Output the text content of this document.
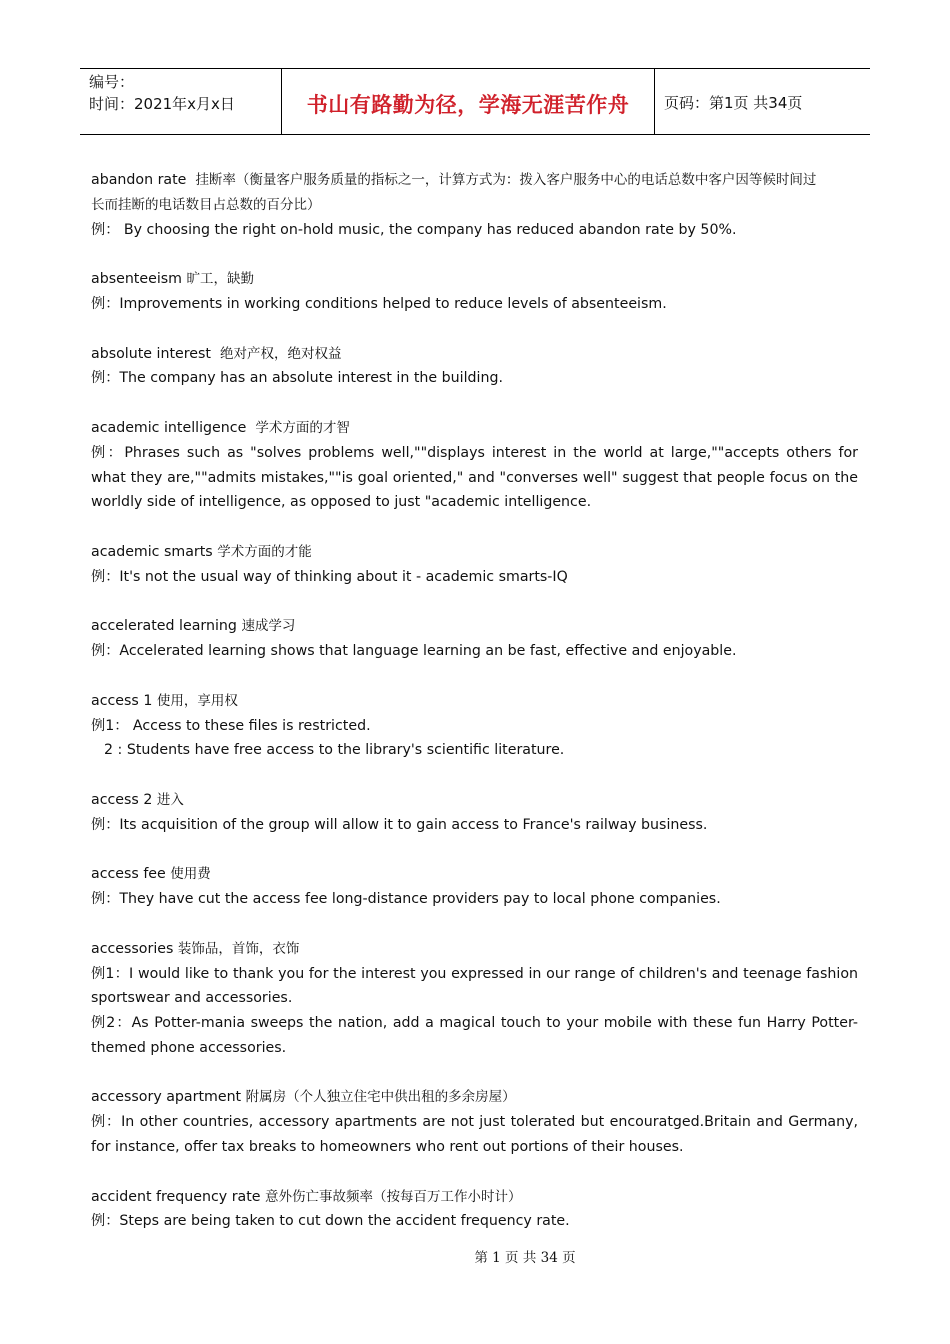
编号：
时间：2021年x月x日	书山有路勤为径，学海无涯苦作舟 页码：第1页 共34页
abandon rate 挂断率（衡量客户服务质量的指标之一，计算方式为：拨入客户服务中心的电话总数中客户因等候时间过
长而挂断的电话数目占总数的百分比）
例： By choosing the right on-hold music, the company has reduced abandon rate by 50%.
absenteeism 旷工，缺勤
例：Improvements in working conditions helped to reduce levels of absenteeism.
absolute interest 绝对产权，绝对权益
例：The company has an absolute interest in the building.
academic intelligence 学术方面的才智
例：Phrases such as "solves problems well,""displays interest in the world at large,""accepts others for what they are,""admits mistakes,""is goal oriented," and "converses well" suggest that people focus on the worldly side of intelligence, as opposed to just "academic intelligence.
academic smarts 学术方面的才能
例：It's not the usual way of thinking about it - academic smarts-IQ
accelerated learning 速成学习
例：Accelerated learning shows that language learning an be fast, effective and enjoyable.
access 1 使用，享用权
例1： Access to these files is restricted.
2 : Students have free access to the library's scientific literature.
access 2 进入
例：Its acquisition of the group will allow it to gain access to France's railway business.
access fee 使用费
例：They have cut the access fee long-distance providers pay to local phone companies.
accessories 装饰品，首饰，衣饰
例1：I would like to thank you for the interest you expressed in our range of children's and teenage fashion sportswear and accessories.
例2：As Potter-mania sweeps the nation, add a magical touch to your mobile with these fun Harry Potter-themed phone accessories.
accessory apartment 附属房（个人独立住宅中供出租的多余房屋）
例：In other countries, accessory apartments are not just tolerated but encouratged.Britain and Germany, for instance, offer tax breaks to homeowners who rent out portions of their houses.
accident frequency rate 意外伤亡事故频率（按每百万工作小时计）
例：Steps are being taken to cut down the accident frequency rate.
第 1 页 共 34 页
